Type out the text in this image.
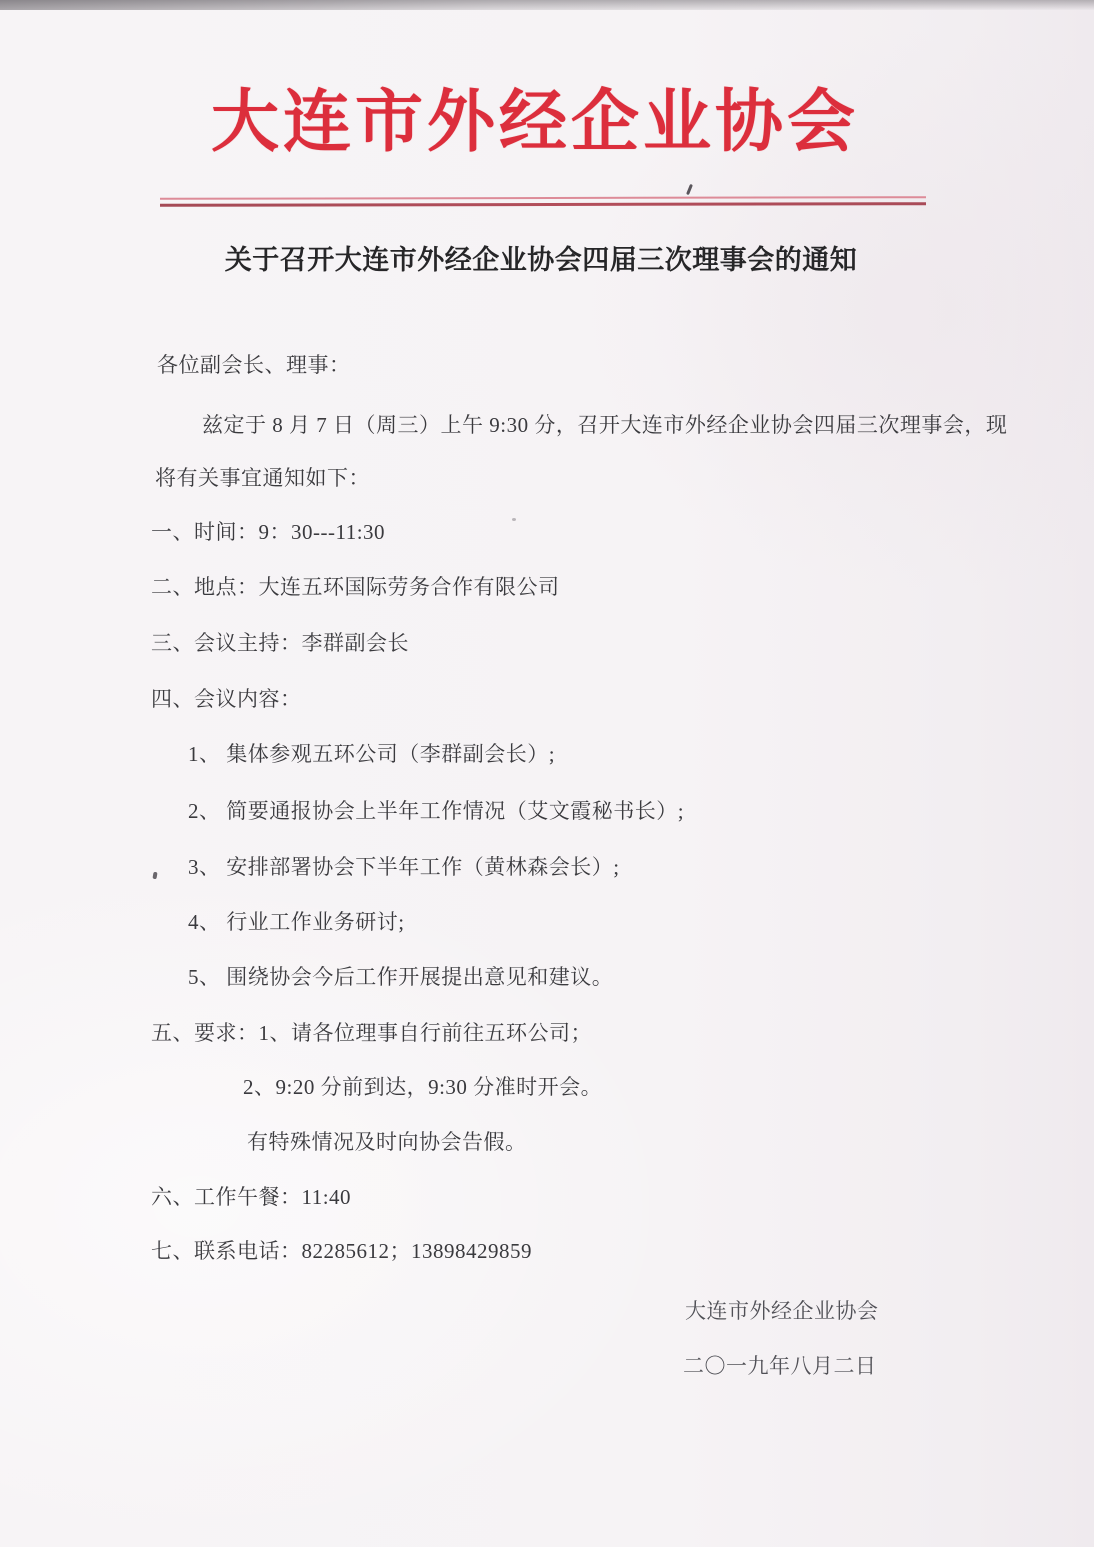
大连市外经企业协会
关于召开大连市外经企业协会四届三次理事会的通知

各位副会长、理事：

兹定于 8 月 7 日（周三）上午 9:30 分，召开大连市外经企业协会四届三次理事会，现

将有关事宜通知如下：

一、时间：9：30---11:30

二、地点：大连五环国际劳务合作有限公司

三、会议主持：李群副会长

四、会议内容：

1、 集体参观五环公司（李群副会长）;

2、 简要通报协会上半年工作情况（艾文霞秘书长）;

3、 安排部署协会下半年工作（黄林森会长）;

4、 行业工作业务研讨;

5、 围绕协会今后工作开展提出意见和建议。

五、要求：1、请各位理事自行前往五环公司；

2、9:20 分前到达，9:30 分准时开会。

有特殊情况及时向协会告假。

六、工作午餐：11:40

七、联系电话：82285612；13898429859

大连市外经企业协会

二〇一九年八月二日
